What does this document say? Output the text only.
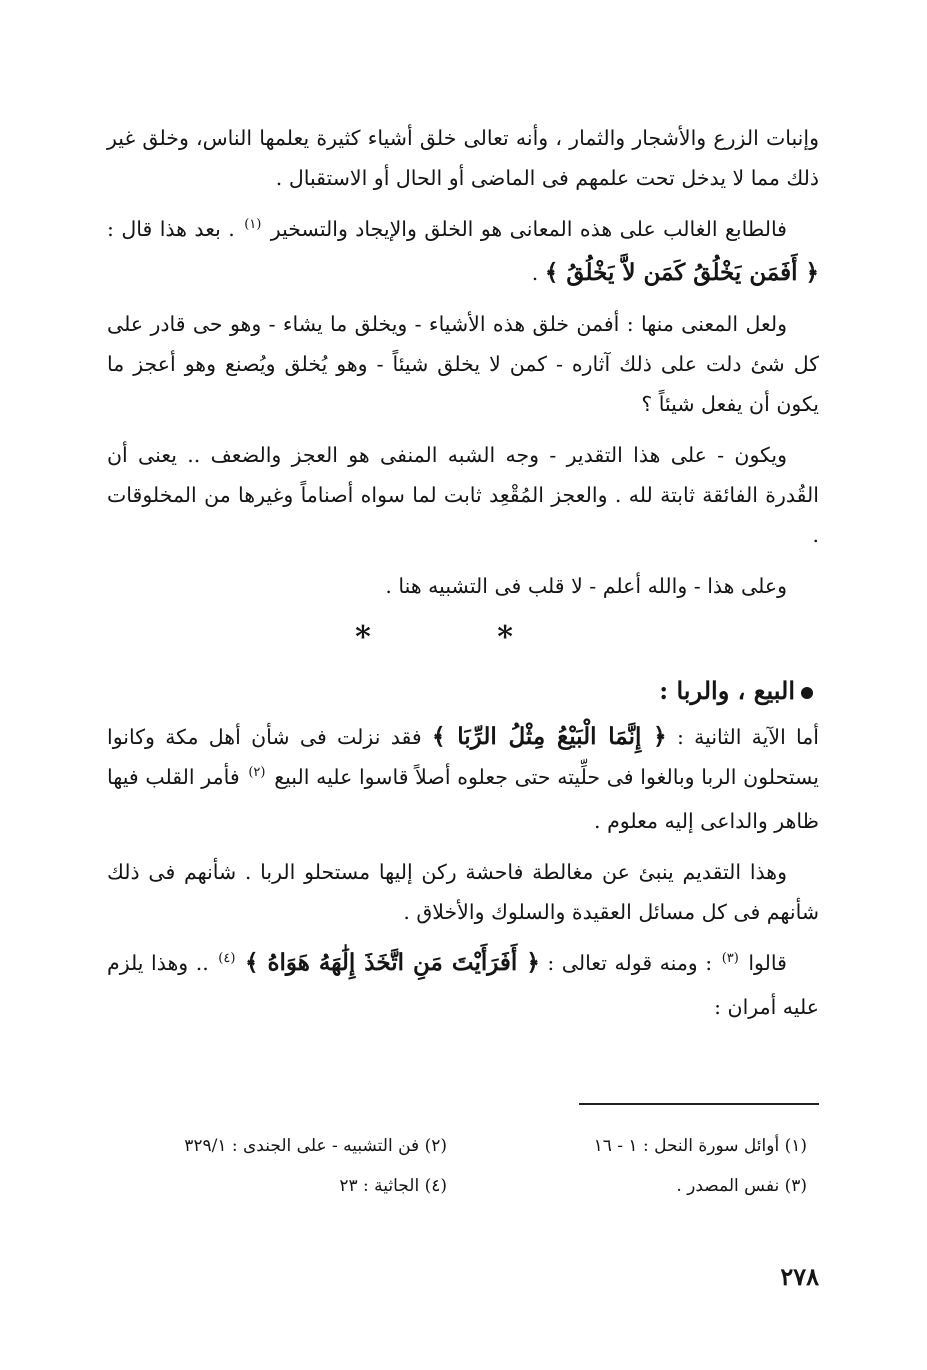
وإنبات الزرع والأشجار والثمار ، وأنه تعالى خلق أشياء كثيرة يعلمها الناس، وخلق غير ذلك مما لا يدخل تحت علمهم فى الماضى أو الحال أو الاستقبال .

فالطابع الغالب على هذه المعانى هو الخلق والإيجاد والتسخير $^{(١)}$ . بعد هذا قال : ﴿ أَفَمَن يَخْلُقُ كَمَن لاَّ يَخْلُقُ ﴾ .

ولعل المعنى منها : أفمن خلق هذه الأشياء - ويخلق ما يشاء - وهو حى قادر على كل شئ دلت على ذلك آثاره - كمن لا يخلق شيئاً - وهو يُخلق ويُصنع وهو أعجز ما يكون أن يفعل شيئاً ؟

ويكون - على هذا التقدير - وجه الشبه المنفى هو العجز والضعف .. يعنى أن القُدرة الفائقة ثابتة لله . والعجز المُقْعِد ثابت لما سواه أصناماً وغيرها من المخلوقات .

وعلى هذا - والله أعلم - لا قلب فى التشبيه هنا .

* *
البيع ، والربا :

أما الآية الثانية : ﴿ إِنَّمَا الْبَيْعُ مِثْلُ الرِّبَا ﴾ فقد نزلت فى شأن أهل مكة وكانوا يستحلون الربا وبالغوا فى حلِّيته حتى جعلوه أصلاً قاسوا عليه البيع $^{(٢)}$ فأمر القلب فيها ظاهر والداعى إليه معلوم .

وهذا التقديم ينبئ عن مغالطة فاحشة ركن إليها مستحلو الربا . شأنهم فى ذلك شأنهم فى كل مسائل العقيدة والسلوك والأخلاق .

قالوا $^{(٣)}$ : ومنه قوله تعالى : ﴿ أَفَرَأَيْتَ مَنِ اتَّخَذَ إِلَٰهَهُ هَوَاهُ ﴾ $^{(٤)}$ .. وهذا يلزم عليه أمران :

(١) أوائل سورة النحل : ١ - ١٦
(٢) فن التشبيه - على الجندى : ٣٢٩/١
(٣) نفس المصدر .
(٤) الجاثية : ٢٣
٢٧٨
